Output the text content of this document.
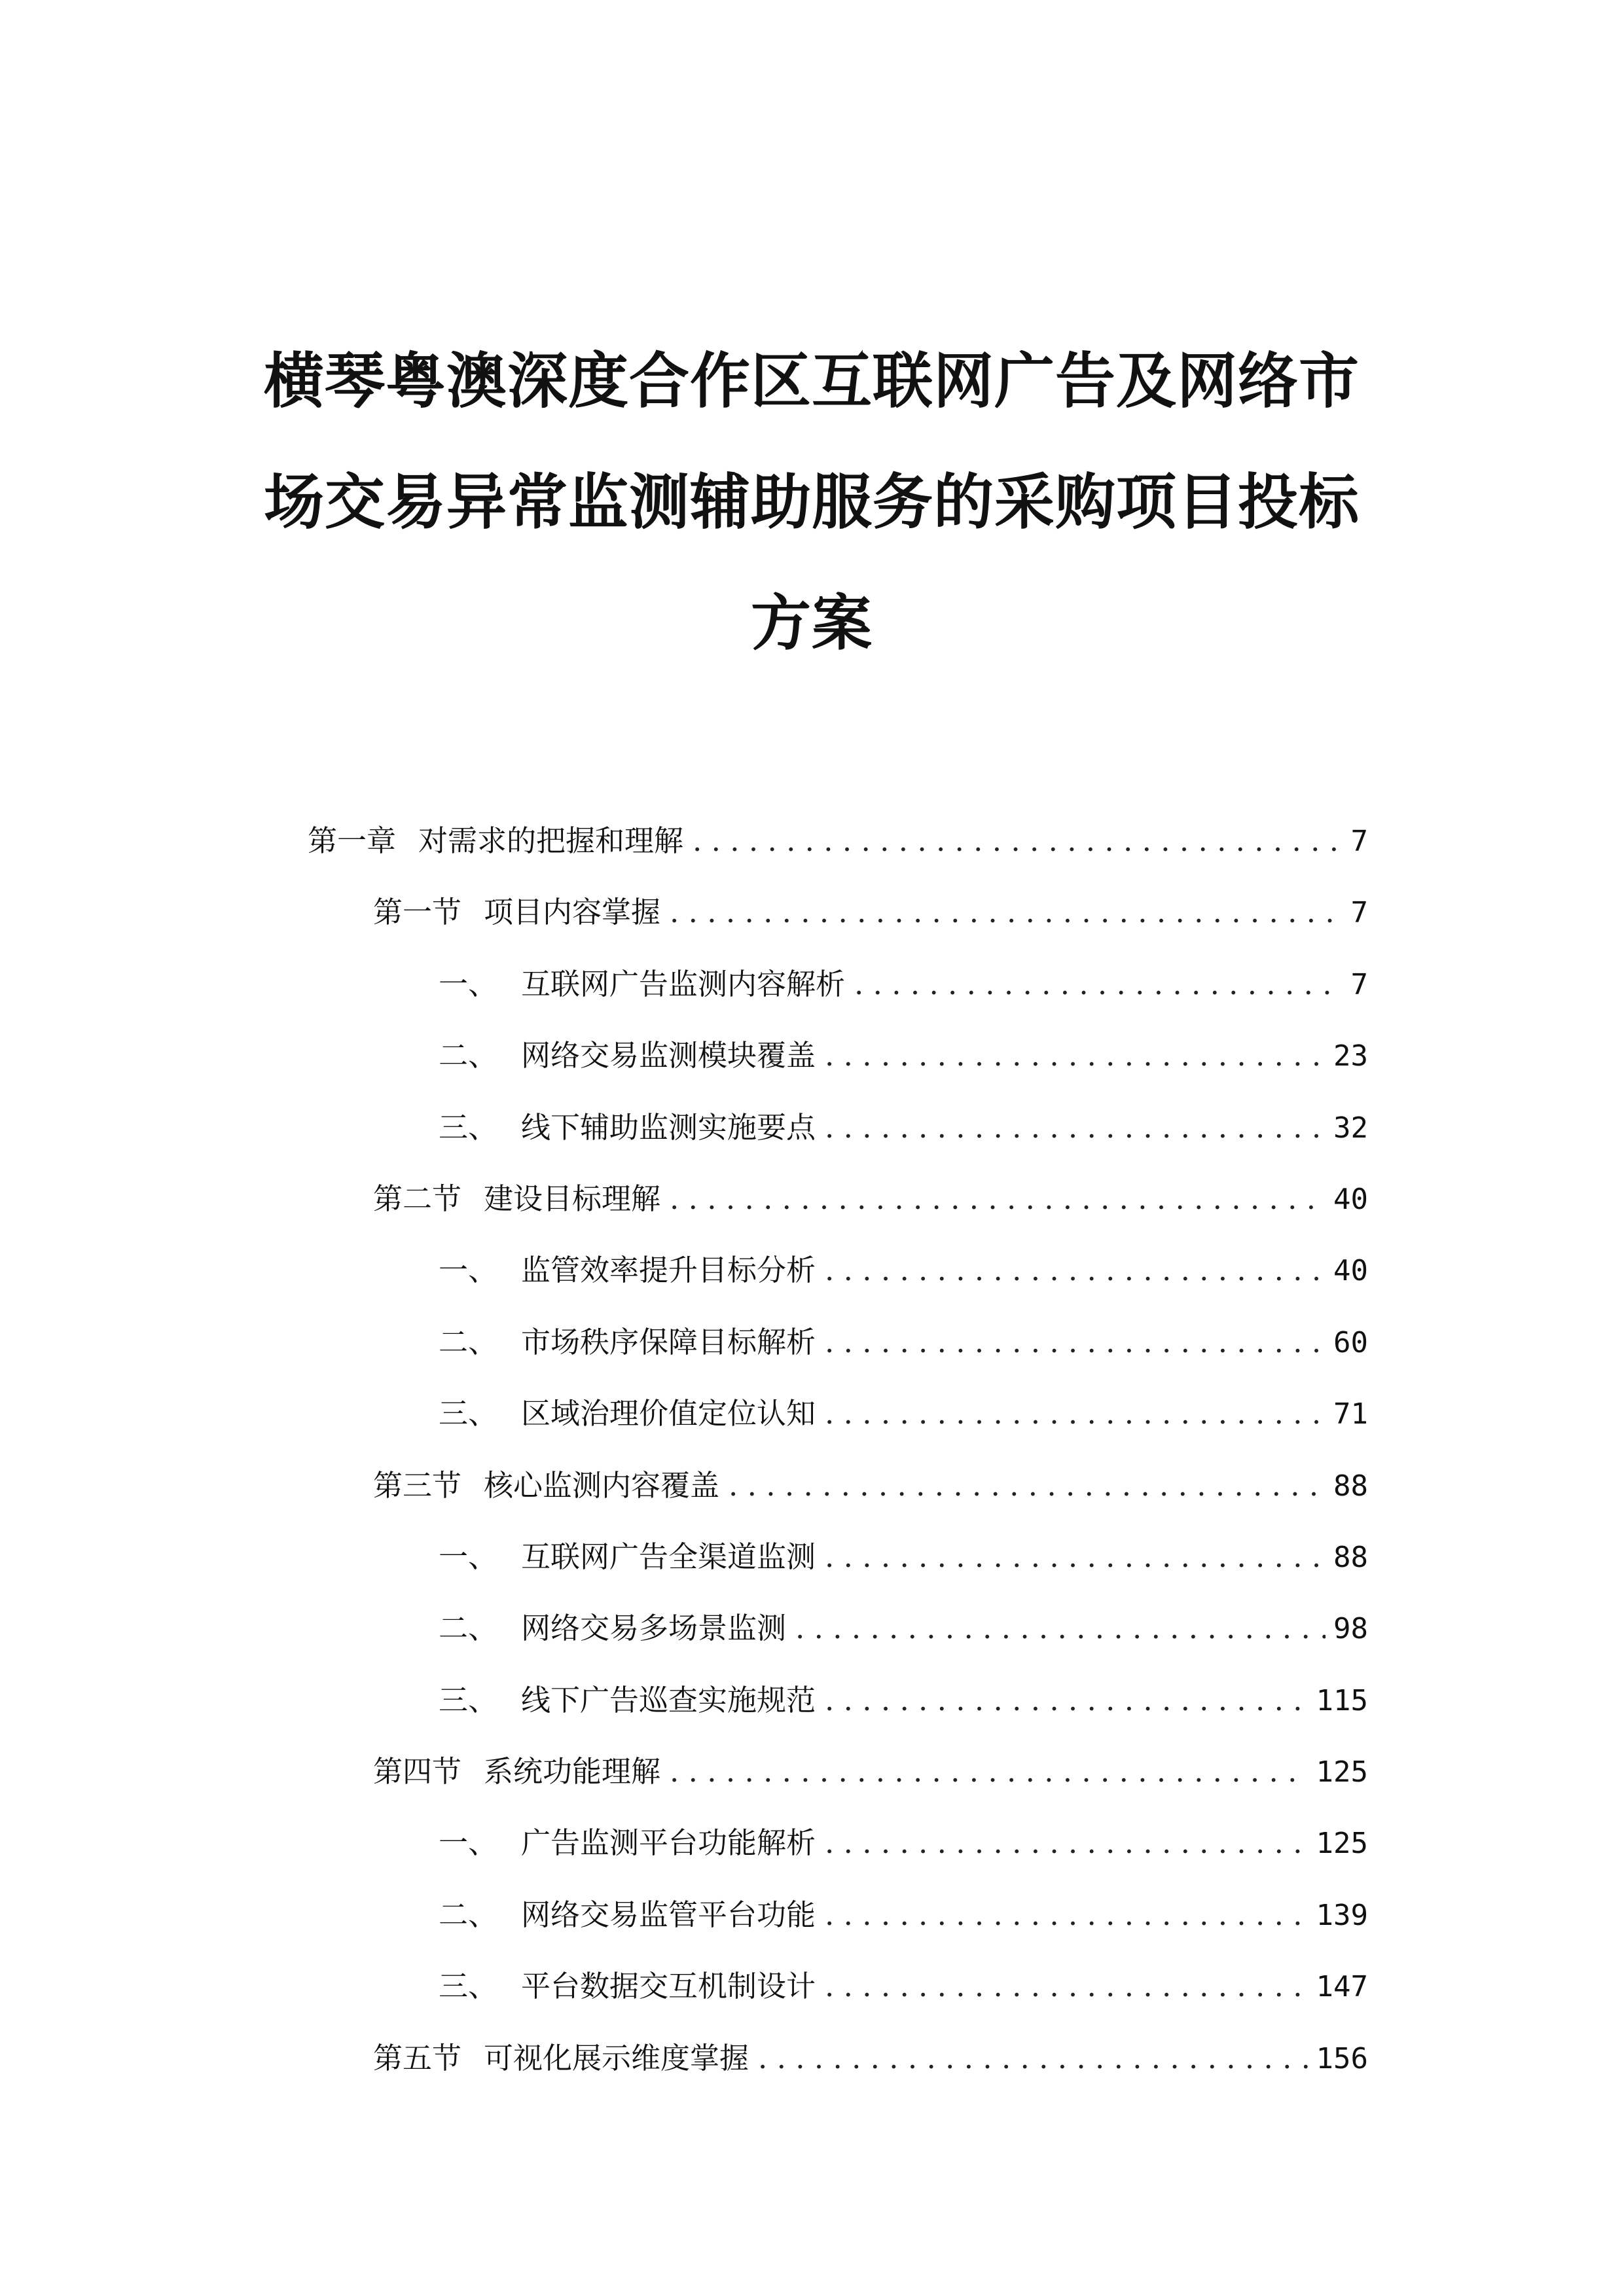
横琴粤澳深度合作区互联网广告及网络市
场交易异常监测辅助服务的采购项目投标
方案
第一章 对需求的把握和理解 . . .	7
第一节 项目内容掌握 . . .	7
一、 互联网广告监测内容解析 . . .	7
二、 网络交易监测模块覆盖 . . .	23
三、 线下辅助监测实施要点 . . .	32
第二节 建设目标理解 . . .	40
一、 监管效率提升目标分析 . . .	40
二、 市场秩序保障目标解析 . . .	60
三、 区域治理价值定位认知 . . .	71
第三节 核心监测内容覆盖 . . .	88
一、 互联网广告全渠道监测 . . .	88
二、 网络交易多场景监测 . . .	98
三、 线下广告巡查实施规范 . . .	115
第四节 系统功能理解 . . .	125
一、 广告监测平台功能解析 . . .	125
二、 网络交易监管平台功能 . . .	139
三、 平台数据交互机制设计 . . .	147
第五节 可视化展示维度掌握 . . .	156
